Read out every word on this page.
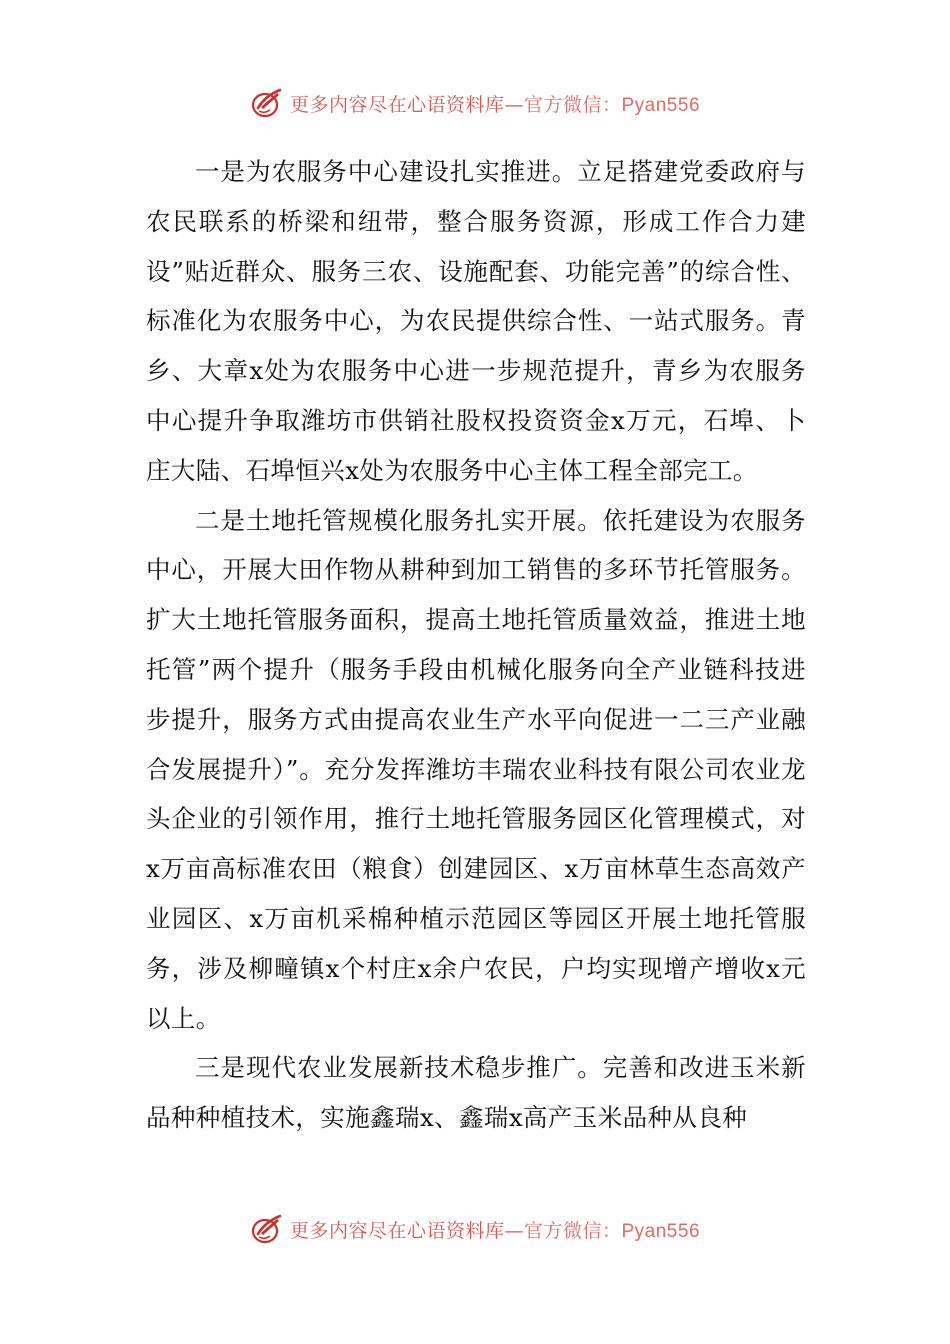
更多内容尽在心语资料库—官方微信：Pyan556

一是为农服务中心建设扎实推进。立足搭建党委政府与农民联系的桥梁和纽带，整合服务资源，形成工作合力建设”贴近群众、服务三农、设施配套、功能完善”的综合性、标准化为农服务中心，为农民提供综合性、一站式服务。青乡、大章x处为农服务中心进一步规范提升，青乡为农服务中心提升争取潍坊市供销社股权投资资金x万元，石埠、卜庄大陆、石埠恒兴x处为农服务中心主体工程全部完工。

二是土地托管规模化服务扎实开展。依托建设为农服务中心，开展大田作物从耕种到加工销售的多环节托管服务。扩大土地托管服务面积，提高土地托管质量效益，推进土地托管”两个提升（服务手段由机械化服务向全产业链科技进步提升，服务方式由提高农业生产水平向促进一二三产业融合发展提升）”。充分发挥潍坊丰瑞农业科技有限公司农业龙头企业的引领作用，推行土地托管服务园区化管理模式，对x万亩高标准农田（粮食）创建园区、x万亩林草生态高效产业园区、x万亩机采棉种植示范园区等园区开展土地托管服务，涉及柳疃镇x个村庄x余户农民，户均实现增产增收x元以上。

三是现代农业发展新技术稳步推广。完善和改进玉米新品种种植技术，实施鑫瑞x、鑫瑞x高产玉米品种从良种

更多内容尽在心语资料库—官方微信：Pyan556
